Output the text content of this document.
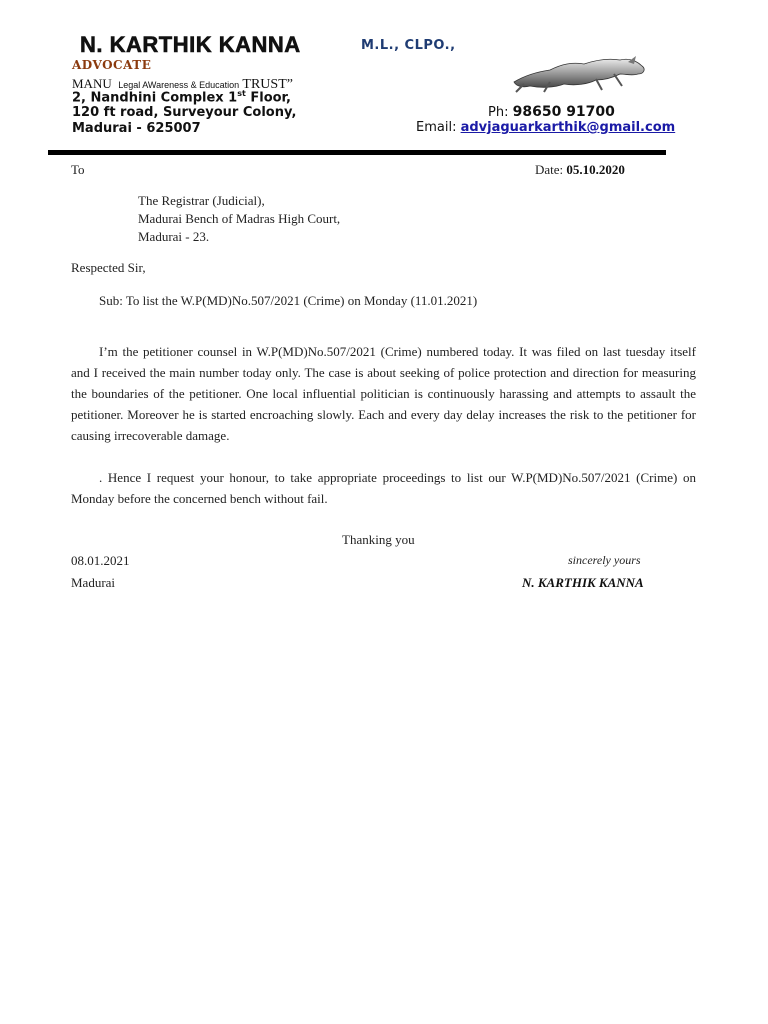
N. KARTHIK KANNA	M.L., CLPO.,
ADVOCATE
MANU Legal AWareness & Education TRUST”
2, Nandhini Complex 1st Floor,
120 ft road, Surveyour Colony,
Madurai - 625007
Ph: 98650 91700
Email: advjaguarkarthik@gmail.com
To	Date: 05.10.2020
The Registrar (Judicial),
Madurai Bench of Madras High Court,
Madurai - 23.
Respected Sir,
Sub: To list the W.P(MD)No.507/2021 (Crime) on Monday (11.01.2021)
I’m the petitioner counsel in W.P(MD)No.507/2021 (Crime) numbered today. It was filed on last tuesday itself and I received the main number today only. The case is about seeking of police protection and direction for measuring the boundaries of the petitioner. One local influential politician is continuously harassing and attempts to assault the petitioner. Moreover he is started encroaching slowly. Each and every day delay increases the risk to the petitioner for causing irrecoverable damage.
. Hence I request your honour, to take appropriate proceedings to list our W.P(MD)No.507/2021 (Crime) on Monday before the concerned bench without fail.
Thanking you
08.01.2021	sincerely yours
Madurai	N. KARTHIK KANNA
